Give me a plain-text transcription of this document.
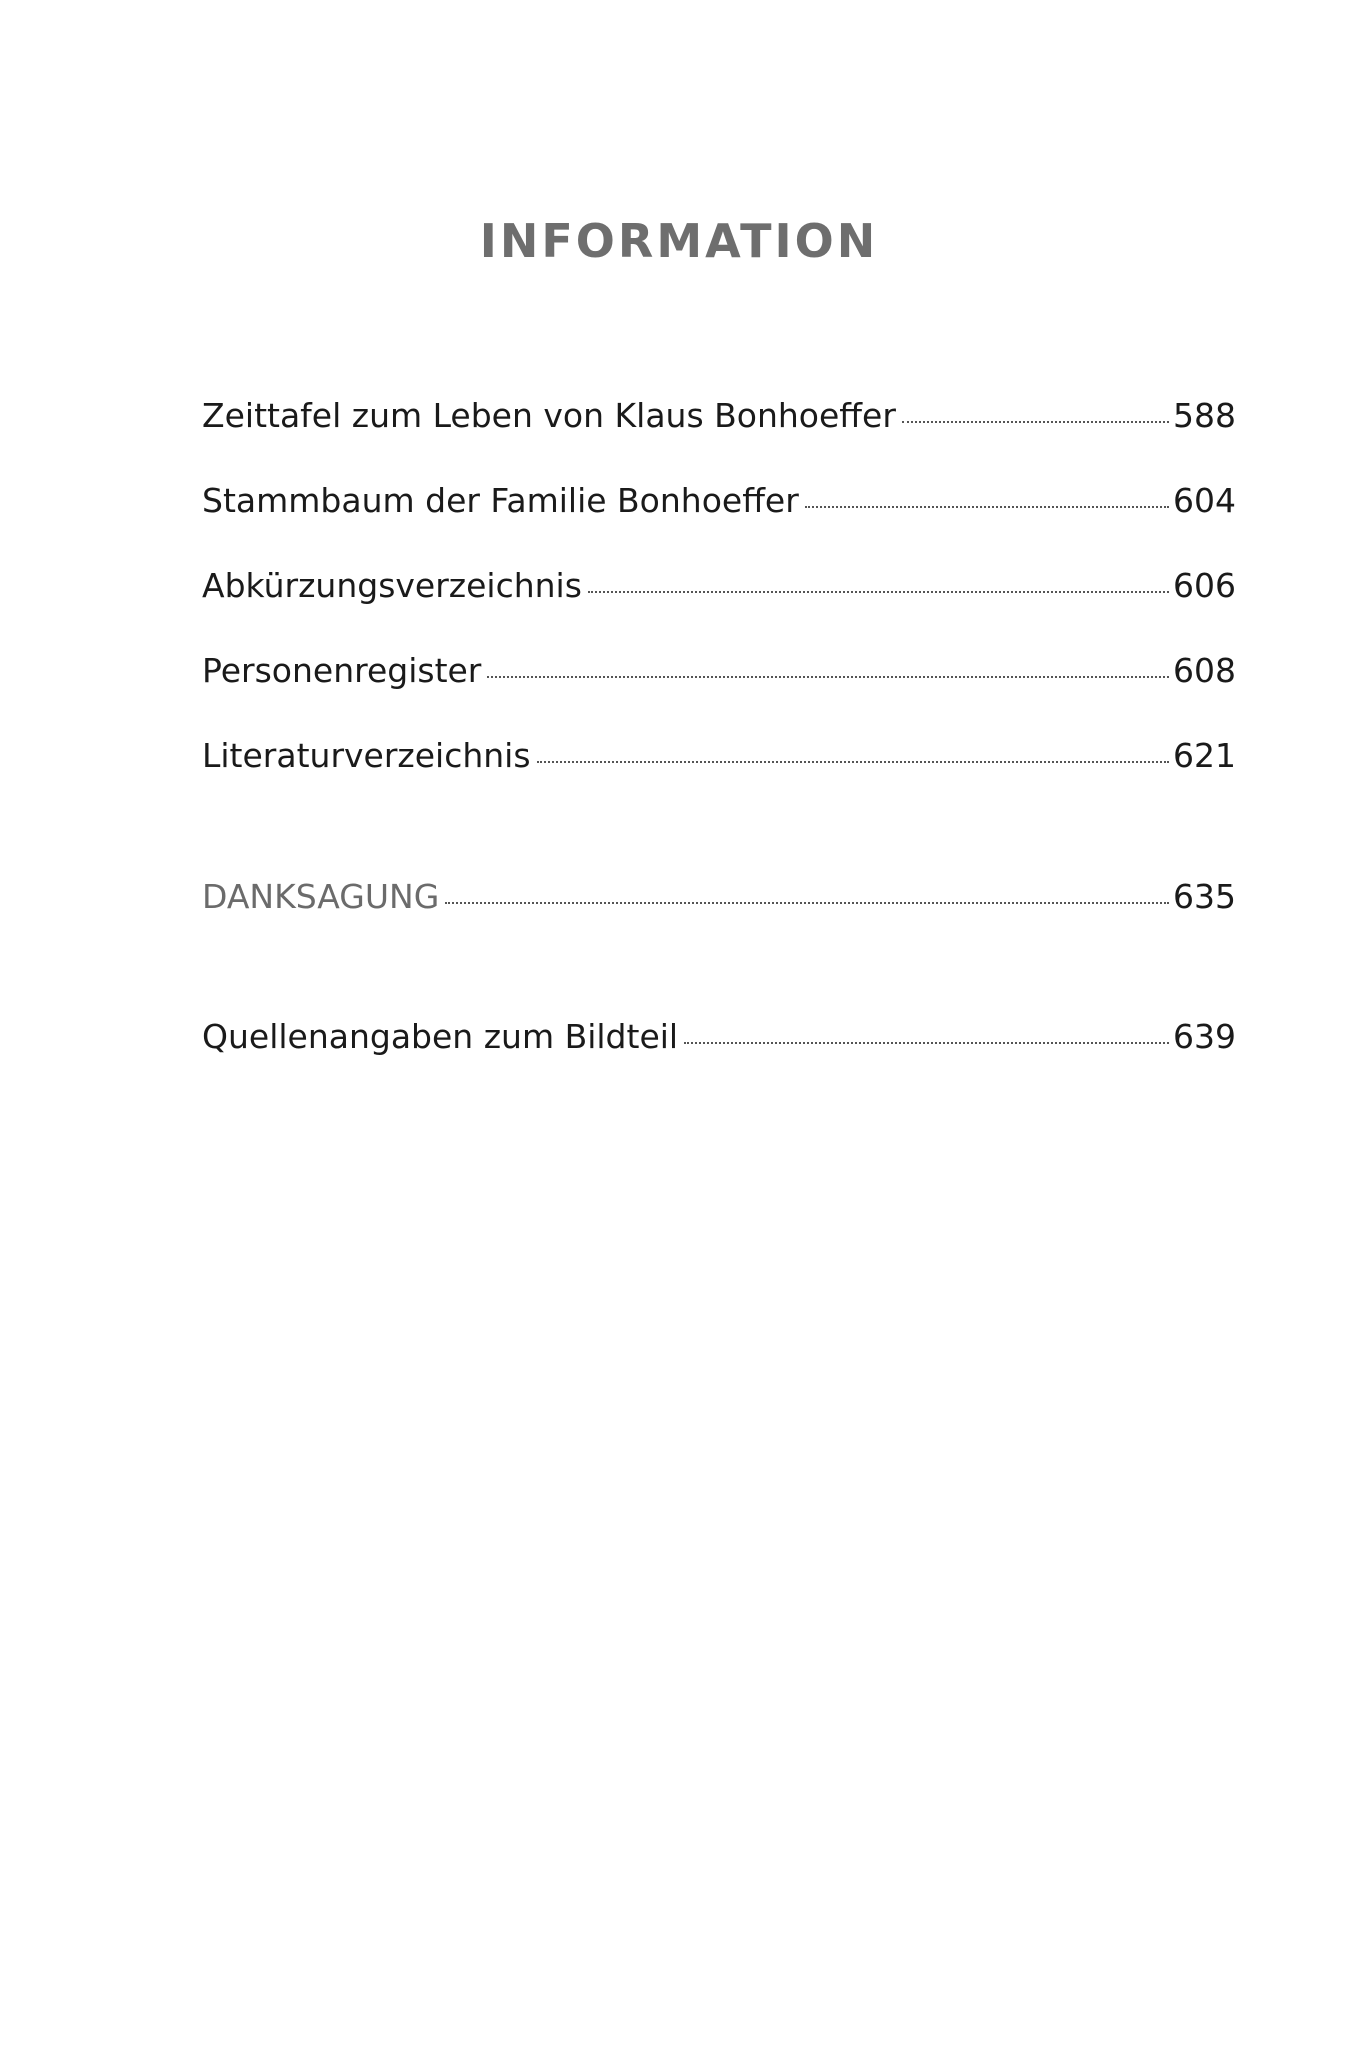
INFORMATION
Zeittafel zum Leben von Klaus Bonhoeffer	588
Stammbaum der Familie Bonhoeffer	604
Abkürzungsverzeichnis	606
Personenregister	608
Literaturverzeichnis	621
DANKSAGUNG	635
Quellenangaben zum Bildteil	639
